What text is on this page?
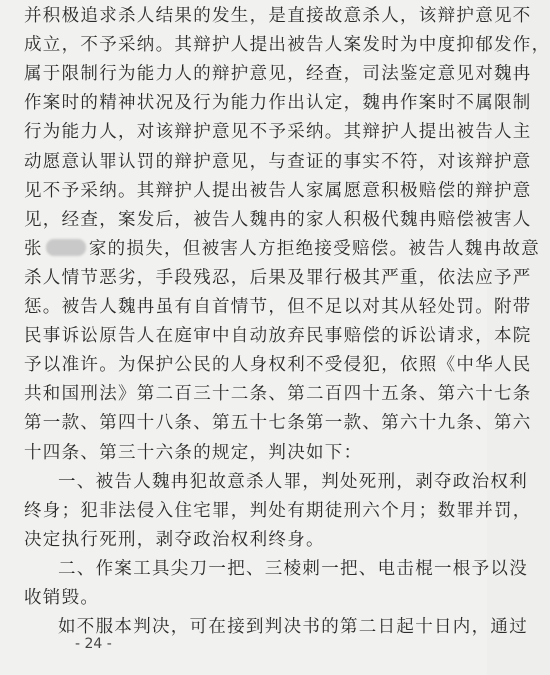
并积极追求杀人结果的发生，是直接故意杀人，该辩护意见不
成立，不予采纳。其辩护人提出被告人案发时为中度抑郁发作，
属于限制行为能力人的辩护意见，经查，司法鉴定意见对魏冉
作案时的精神状况及行为能力作出认定，魏冉作案时不属限制
行为能力人，对该辩护意见不予采纳。其辩护人提出被告人主
动愿意认罪认罚的辩护意见，与查证的事实不符，对该辩护意
见不予采纳。其辩护人提出被告人家属愿意积极赔偿的辩护意
见，经查，案发后，被告人魏冉的家人积极代魏冉赔偿被害人
张	家的损失，但被害人方拒绝接受赔偿。被告人魏冉故意
杀人情节恶劣，手段残忍，后果及罪行极其严重，依法应予严
惩。被告人魏冉虽有自首情节，但不足以对其从轻处罚。附带
民事诉讼原告人在庭审中自动放弃民事赔偿的诉讼请求，本院
予以准许。为保护公民的人身权利不受侵犯，依照《中华人民
共和国刑法》第二百三十二条、第二百四十五条、第六十七条
第一款、第四十八条、第五十七条第一款、第六十九条、第六
十四条、第三十六条的规定，判决如下：
一、被告人魏冉犯故意杀人罪，判处死刑，剥夺政治权利
终身；犯非法侵入住宅罪，判处有期徒刑六个月；数罪并罚，
决定执行死刑，剥夺政治权利终身。
二、作案工具尖刀一把、三棱刺一把、电击棍一根予以没
收销毁。
如不服本判决，可在接到判决书的第二日起十日内，通过
- 24 -
